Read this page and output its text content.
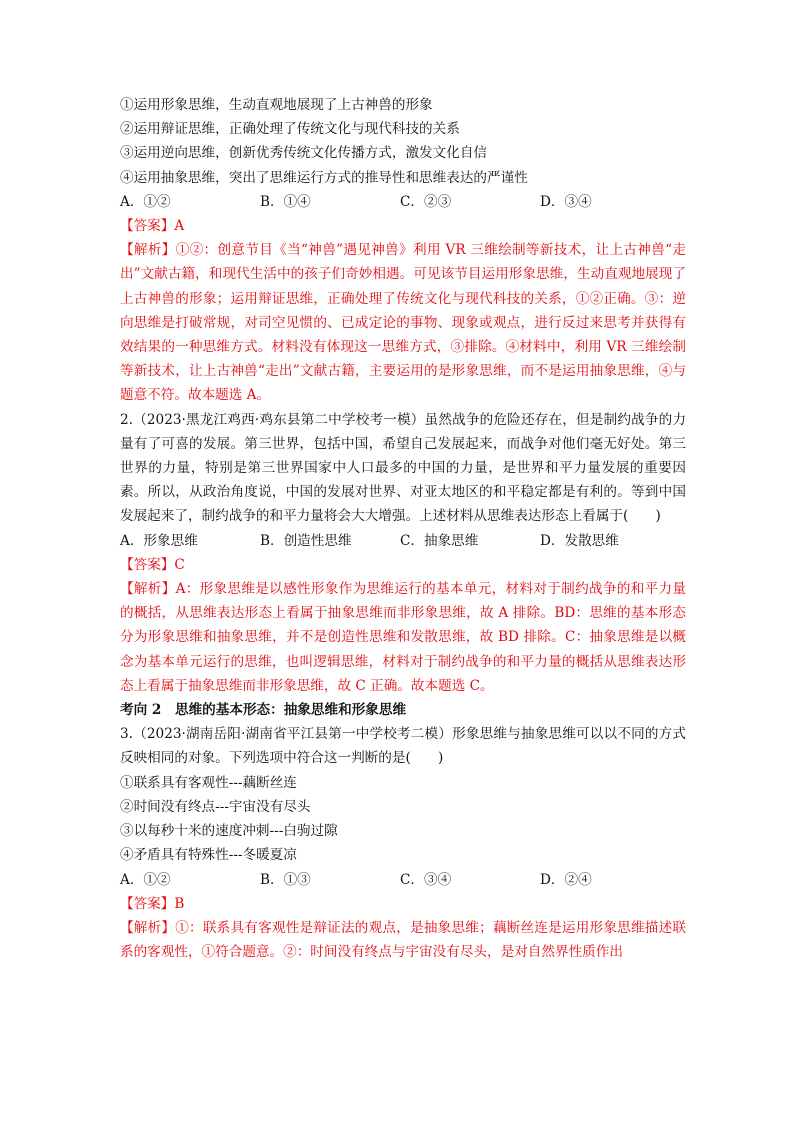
①运用形象思维，生动直观地展现了上古神兽的形象
②运用辩证思维，正确处理了传统文化与现代科技的关系
③运用逆向思维，创新优秀传统文化传播方式，激发文化自信
④运用抽象思维，突出了思维运行方式的推导性和思维表达的严谨性
A．①②	B．①④	C．②③	D．③④
【答案】A
【解析】①②：创意节目《当“神兽”遇见神兽》利用 VR 三维绘制等新技术，让上古神兽“走出”文献古籍，和现代生活中的孩子们奇妙相遇。可见该节目运用形象思维，生动直观地展现了上古神兽的形象；运用辩证思维，正确处理了传统文化与现代科技的关系，①②正确。③：逆向思维是打破常规，对司空见惯的、已成定论的事物、现象或观点，进行反过来思考并获得有效结果的一种思维方式。材料没有体现这一思维方式，③排除。④材料中，利用 VR 三维绘制等新技术，让上古神兽“走出”文献古籍，主要运用的是形象思维，而不是运用抽象思维，④与题意不符。故本题选 A。
2.（2023·黑龙江鸡西·鸡东县第二中学校考一模）虽然战争的危险还存在，但是制约战争的力量有了可喜的发展。第三世界，包括中国，希望自己发展起来，而战争对他们毫无好处。第三世界的力量，特别是第三世界国家中人口最多的中国的力量，是世界和平力量发展的重要因素。所以，从政治角度说，中国的发展对世界、对亚太地区的和平稳定都是有利的。等到中国发展起来了，制约战争的和平力量将会大大增强。上述材料从思维表达形态上看属于(　　)
A．形象思维	B．创造性思维	C．抽象思维	D．发散思维
【答案】C
【解析】A：形象思维是以感性形象作为思维运行的基本单元，材料对于制约战争的和平力量的概括，从思维表达形态上看属于抽象思维而非形象思维，故 A 排除。BD：思维的基本形态分为形象思维和抽象思维，并不是创造性思维和发散思维，故 BD 排除。C：抽象思维是以概念为基本单元运行的思维，也叫逻辑思维，材料对于制约战争的和平力量的概括从思维表达形态上看属于抽象思维而非形象思维，故 C 正确。故本题选 C。
考向 2　思维的基本形态：抽象思维和形象思维
3.（2023·湖南岳阳·湖南省平江县第一中学校考二模）形象思维与抽象思维可以以不同的方式反映相同的对象。下列选项中符合这一判断的是(　　)
①联系具有客观性---藕断丝连
②时间没有终点---宇宙没有尽头
③以每秒十米的速度冲刺---白驹过隙
④矛盾具有特殊性---冬暖夏凉
A．①②	B．①③	C．③④	D．②④
【答案】B
【解析】①：联系具有客观性是辩证法的观点，是抽象思维；藕断丝连是运用形象思维描述联系的客观性，①符合题意。②：时间没有终点与宇宙没有尽头，是对自然界性质作出
